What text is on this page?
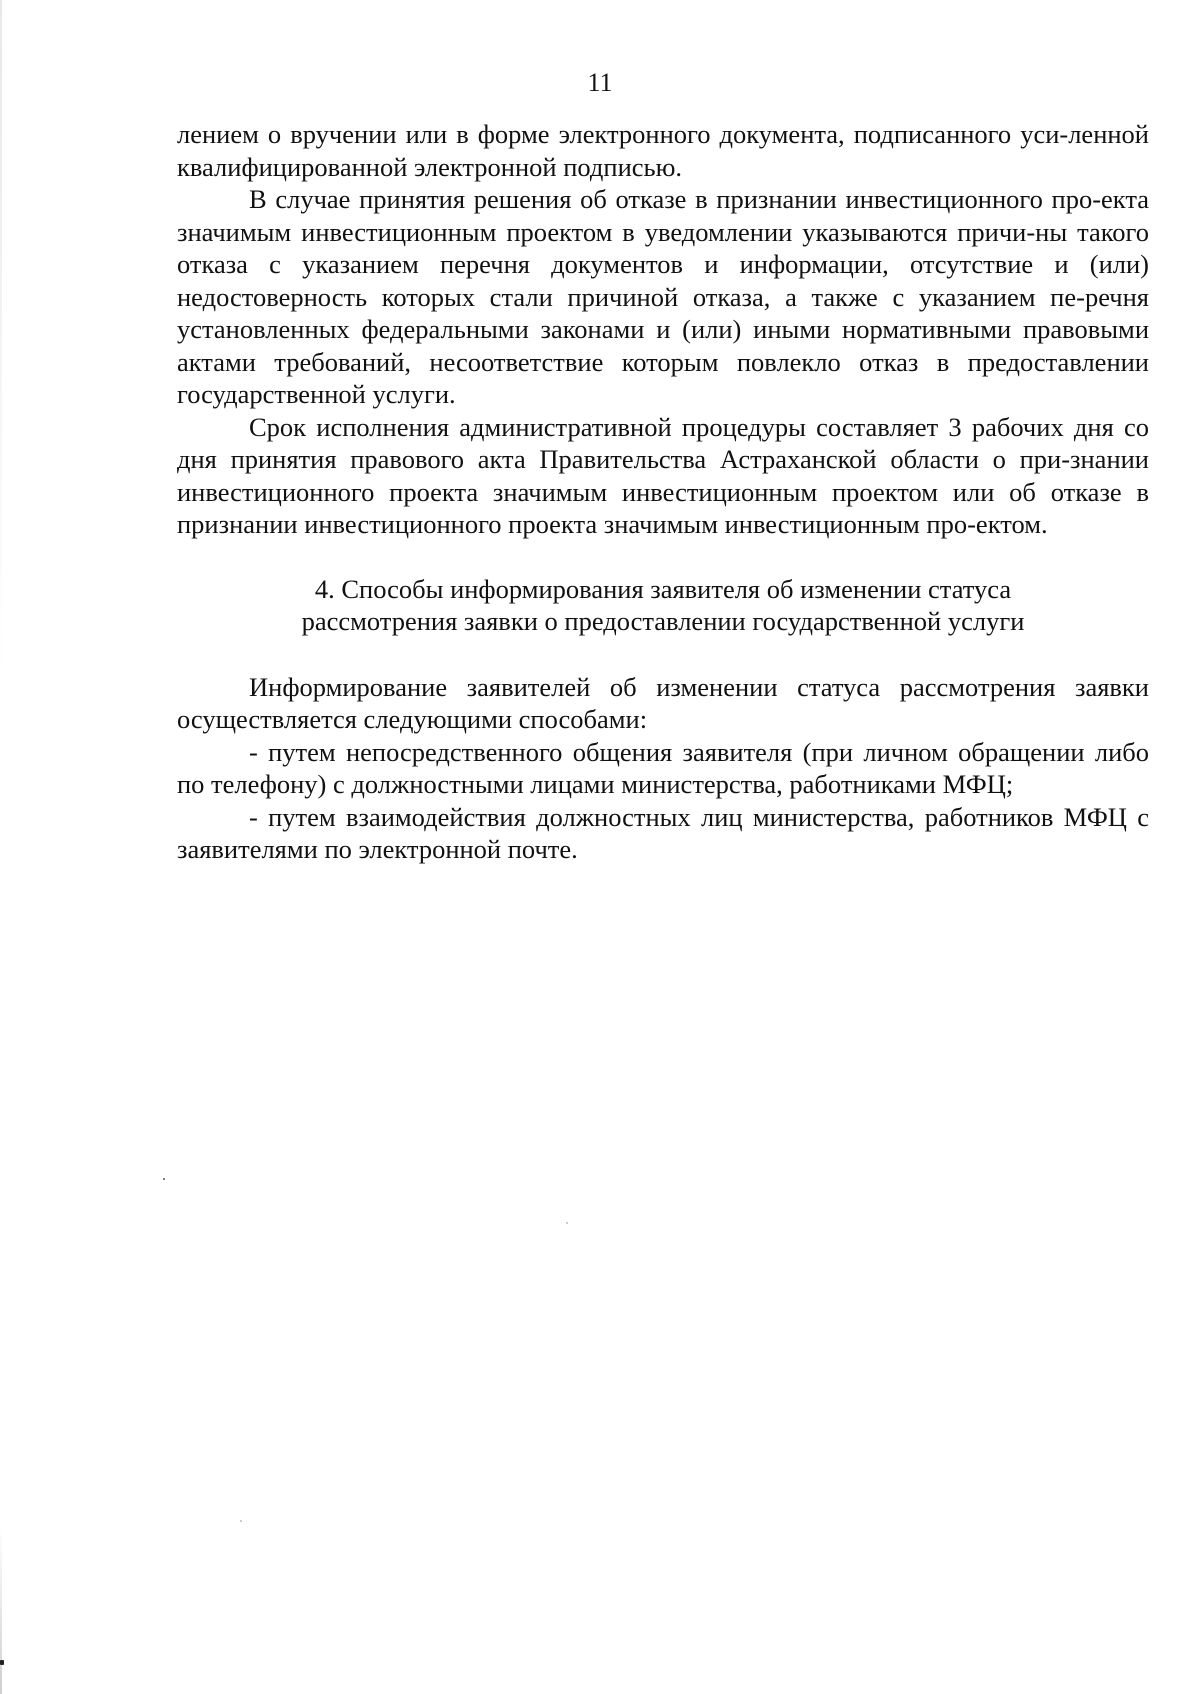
11

лением о вручении или в форме электронного документа, подписанного уси-ленной квалифицированной электронной подписью.

В случае принятия решения об отказе в признании инвестиционного про-екта значимым инвестиционным проектом в уведомлении указываются причи-ны такого отказа с указанием перечня документов и информации, отсутствие и (или) недостоверность которых стали причиной отказа, а также с указанием пе-речня установленных федеральными законами и (или) иными нормативными правовыми актами требований, несоответствие которым повлекло отказ в предоставлении государственной услуги.

Срок исполнения административной процедуры составляет 3 рабочих дня со дня принятия правового акта Правительства Астраханской области о при-знании инвестиционного проекта значимым инвестиционным проектом или об отказе в признании инвестиционного проекта значимым инвестиционным про-ектом.

4. Способы информирования заявителя об изменении статуса
рассмотрения заявки о предоставлении государственной услуги

Информирование заявителей об изменении статуса рассмотрения заявки осуществляется следующими способами:

- путем непосредственного общения заявителя (при личном обращении либо по телефону) с должностными лицами министерства, работниками МФЦ;

- путем взаимодействия должностных лиц министерства, работников МФЦ с заявителями по электронной почте.
